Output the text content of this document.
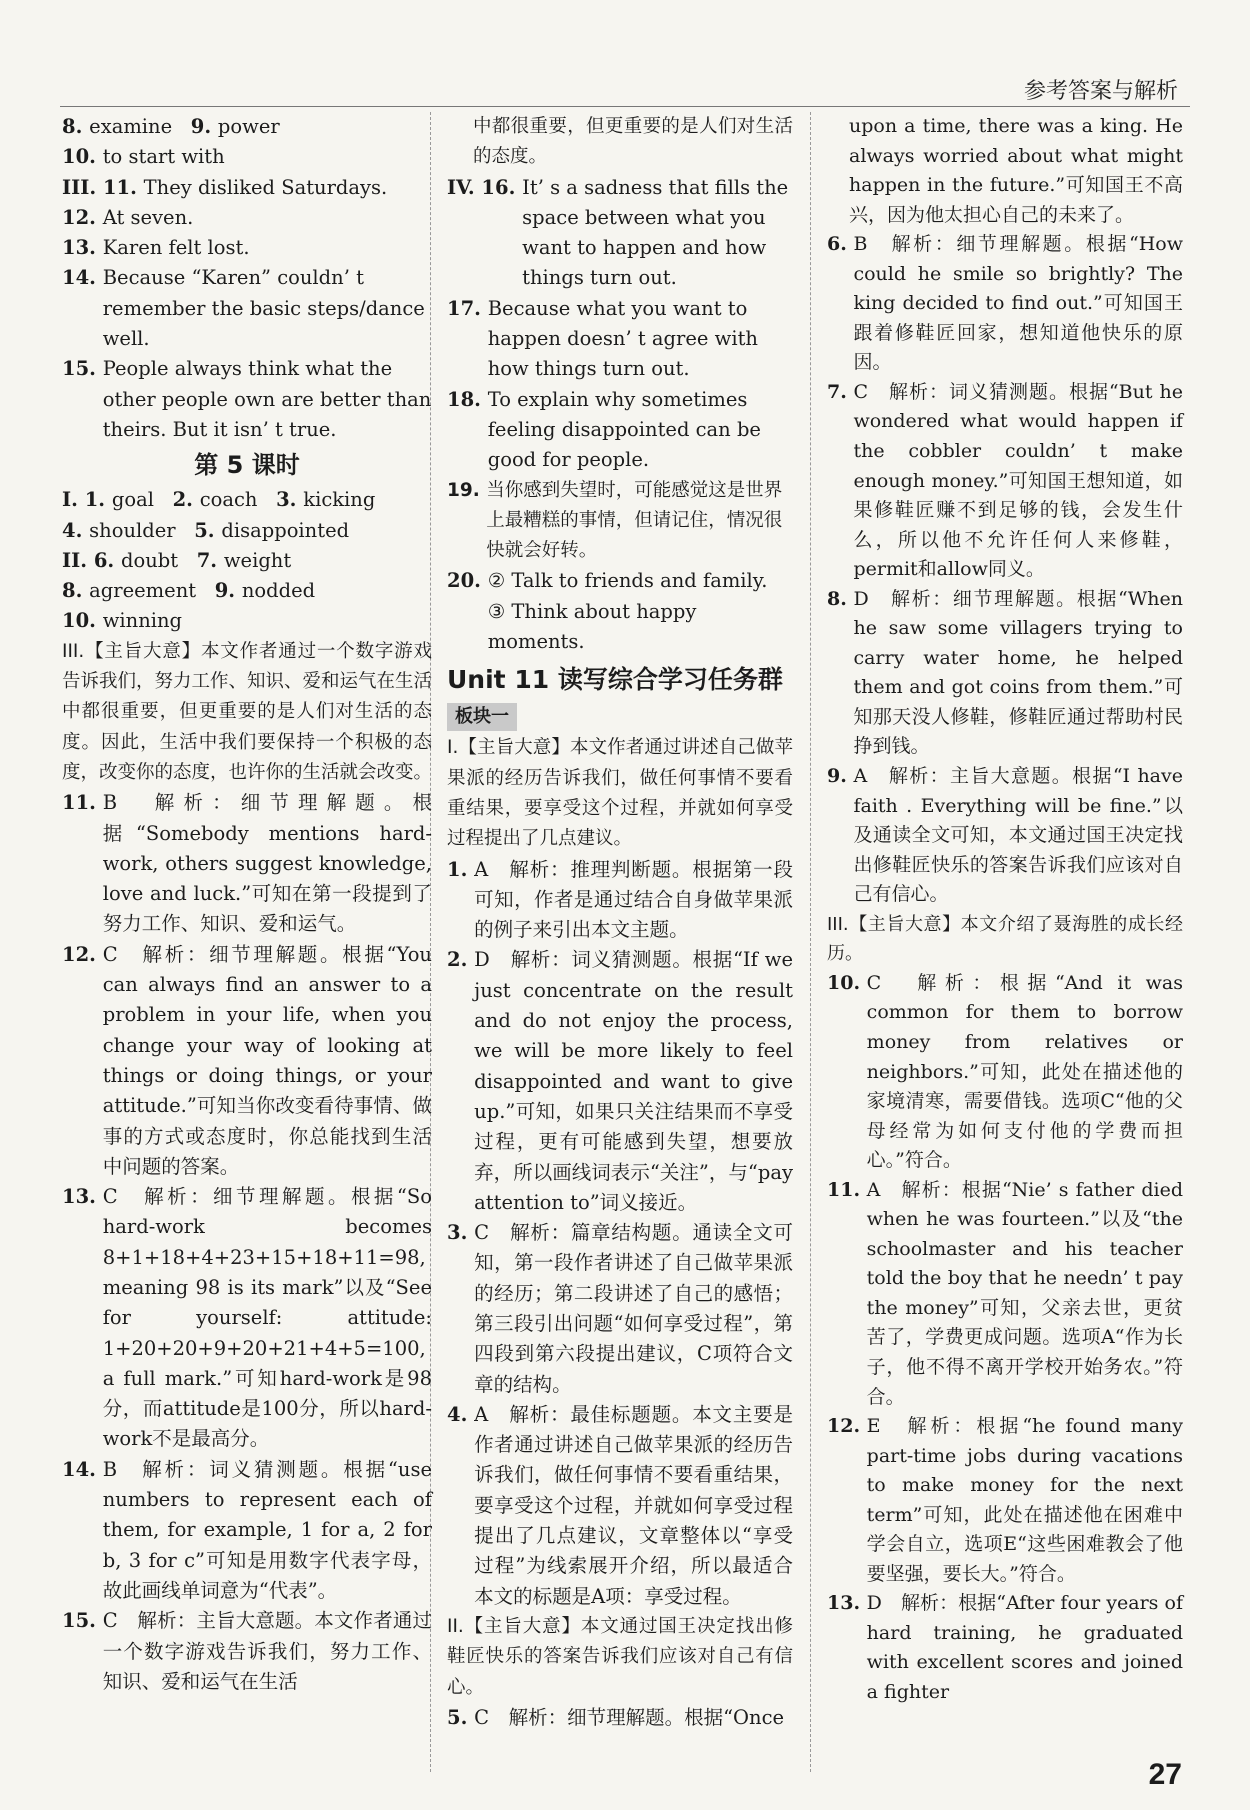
参考答案与解析
8. examine 9. power
10. to start with
III. 11. They disliked Saturdays.
12. At seven.
13. Karen felt lost.
14. Because “Karen” couldn’ t remember the basic steps/dance well.
15. People always think what the other people own are better than theirs. But it isn’ t true.
第 5 课时
I. 1. goal 2. coach 3. kicking
4. shoulder 5. disappointed
II. 6. doubt 7. weight
8. agreement 9. nodded
10. winning

III.【主旨大意】本文作者通过一个数字游戏告诉我们，努力工作、知识、爱和运气在生活中都很重要，但更重要的是人们对生活的态度。因此，生活中我们要保持一个积极的态度，改变你的态度，也许你的生活就会改变。

11. B　解析：细节理解题。根据“Somebody mentions hard-work, others suggest knowledge, love and luck.”可知在第一段提到了努力工作、知识、爱和运气。
12. C　解析：细节理解题。根据“You can always find an answer to a problem in your life, when you change your way of looking at things or doing things, or your attitude.”可知当你改变看待事情、做事的方式或态度时，你总能找到生活中问题的答案。
13. C　解析：细节理解题。根据“So hard-work becomes 8+1+18+4+23+15+18+11=98, meaning 98 is its mark”以及“See for yourself: attitude: 1+20+20+9+20+21+4+5=100, a full mark.”可知hard-work是98分，而attitude是100分，所以hard-work不是最高分。
14. B　解析：词义猜测题。根据“use numbers to represent each of them, for example, 1 for a, 2 for b, 3 for c”可知是用数字代表字母，故此画线单词意为“代表”。
15. C　解析：主旨大意题。本文作者通过一个数字游戏告诉我们，努力工作、知识、爱和运气在生活

中都很重要，但更重要的是人们对生活的态度。

IV. 16. It’ s a sadness that fills the space between what you want to happen and how things turn out.
17. Because what you want to happen doesn’ t agree with how things turn out.
18. To explain why sometimes feeling disappointed can be good for people.
19. 当你感到失望时，可能感觉这是世界上最糟糕的事情，但请记住，情况很快就会好转。
20. ② Talk to friends and family.
③ Think about happy moments.
Unit 11 读写综合学习任务群
板块一

I.【主旨大意】本文作者通过讲述自己做苹果派的经历告诉我们，做任何事情不要看重结果，要享受这个过程，并就如何享受过程提出了几点建议。

1. A　解析：推理判断题。根据第一段可知，作者是通过结合自身做苹果派的例子来引出本文主题。
2. D　解析：词义猜测题。根据“If we just concentrate on the result and do not enjoy the process, we will be more likely to feel disappointed and want to give up.”可知，如果只关注结果而不享受过程，更有可能感到失望，想要放弃，所以画线词表示“关注”，与“pay attention to”词义接近。
3. C　解析：篇章结构题。通读全文可知，第一段作者讲述了自己做苹果派的经历；第二段讲述了自己的感悟；第三段引出问题“如何享受过程”，第四段到第六段提出建议，C项符合文章的结构。
4. A　解析：最佳标题题。本文主要是作者通过讲述自己做苹果派的经历告诉我们，做任何事情不要看重结果，要享受这个过程，并就如何享受过程提出了几点建议，文章整体以“享受过程”为线索展开介绍，所以最适合本文的标题是A项：享受过程。

II.【主旨大意】本文通过国王决定找出修鞋匠快乐的答案告诉我们应该对自己有信心。

5. C　解析：细节理解题。根据“Once

upon a time, there was a king. He always worried about what might happen in the future.”可知国王不高兴，因为他太担心自己的未来了。

6. B　解析：细节理解题。根据“How could he smile so brightly? The king decided to find out.”可知国王跟着修鞋匠回家，想知道他快乐的原因。
7. C　解析：词义猜测题。根据“But he wondered what would happen if the cobbler couldn’ t make enough money.”可知国王想知道，如果修鞋匠赚不到足够的钱，会发生什么，所以他不允许任何人来修鞋，permit和allow同义。
8. D　解析：细节理解题。根据“When he saw some villagers trying to carry water home, he helped them and got coins from them.”可知那天没人修鞋，修鞋匠通过帮助村民挣到钱。
9. A　解析：主旨大意题。根据“I have faith . Everything will be fine.”以及通读全文可知，本文通过国王决定找出修鞋匠快乐的答案告诉我们应该对自己有信心。

III.【主旨大意】本文介绍了聂海胜的成长经历。

10. C　解析：根据“And it was common for them to borrow money from relatives or neighbors.”可知，此处在描述他的家境清寒，需要借钱。选项C“他的父母经常为如何支付他的学费而担心。”符合。
11. A　解析：根据“Nie’ s father died when he was fourteen.”以及“the schoolmaster and his teacher told the boy that he needn’ t pay the money”可知，父亲去世，更贫苦了，学费更成问题。选项A“作为长子，他不得不离开学校开始务农。”符合。
12. E　解析：根据“he found many part-time jobs during vacations to make money for the next term”可知，此处在描述他在困难中学会自立，选项E“这些困难教会了他要坚强，要长大。”符合。
13. D　解析：根据“After four years of hard training, he graduated with excellent scores and joined a fighter
27
